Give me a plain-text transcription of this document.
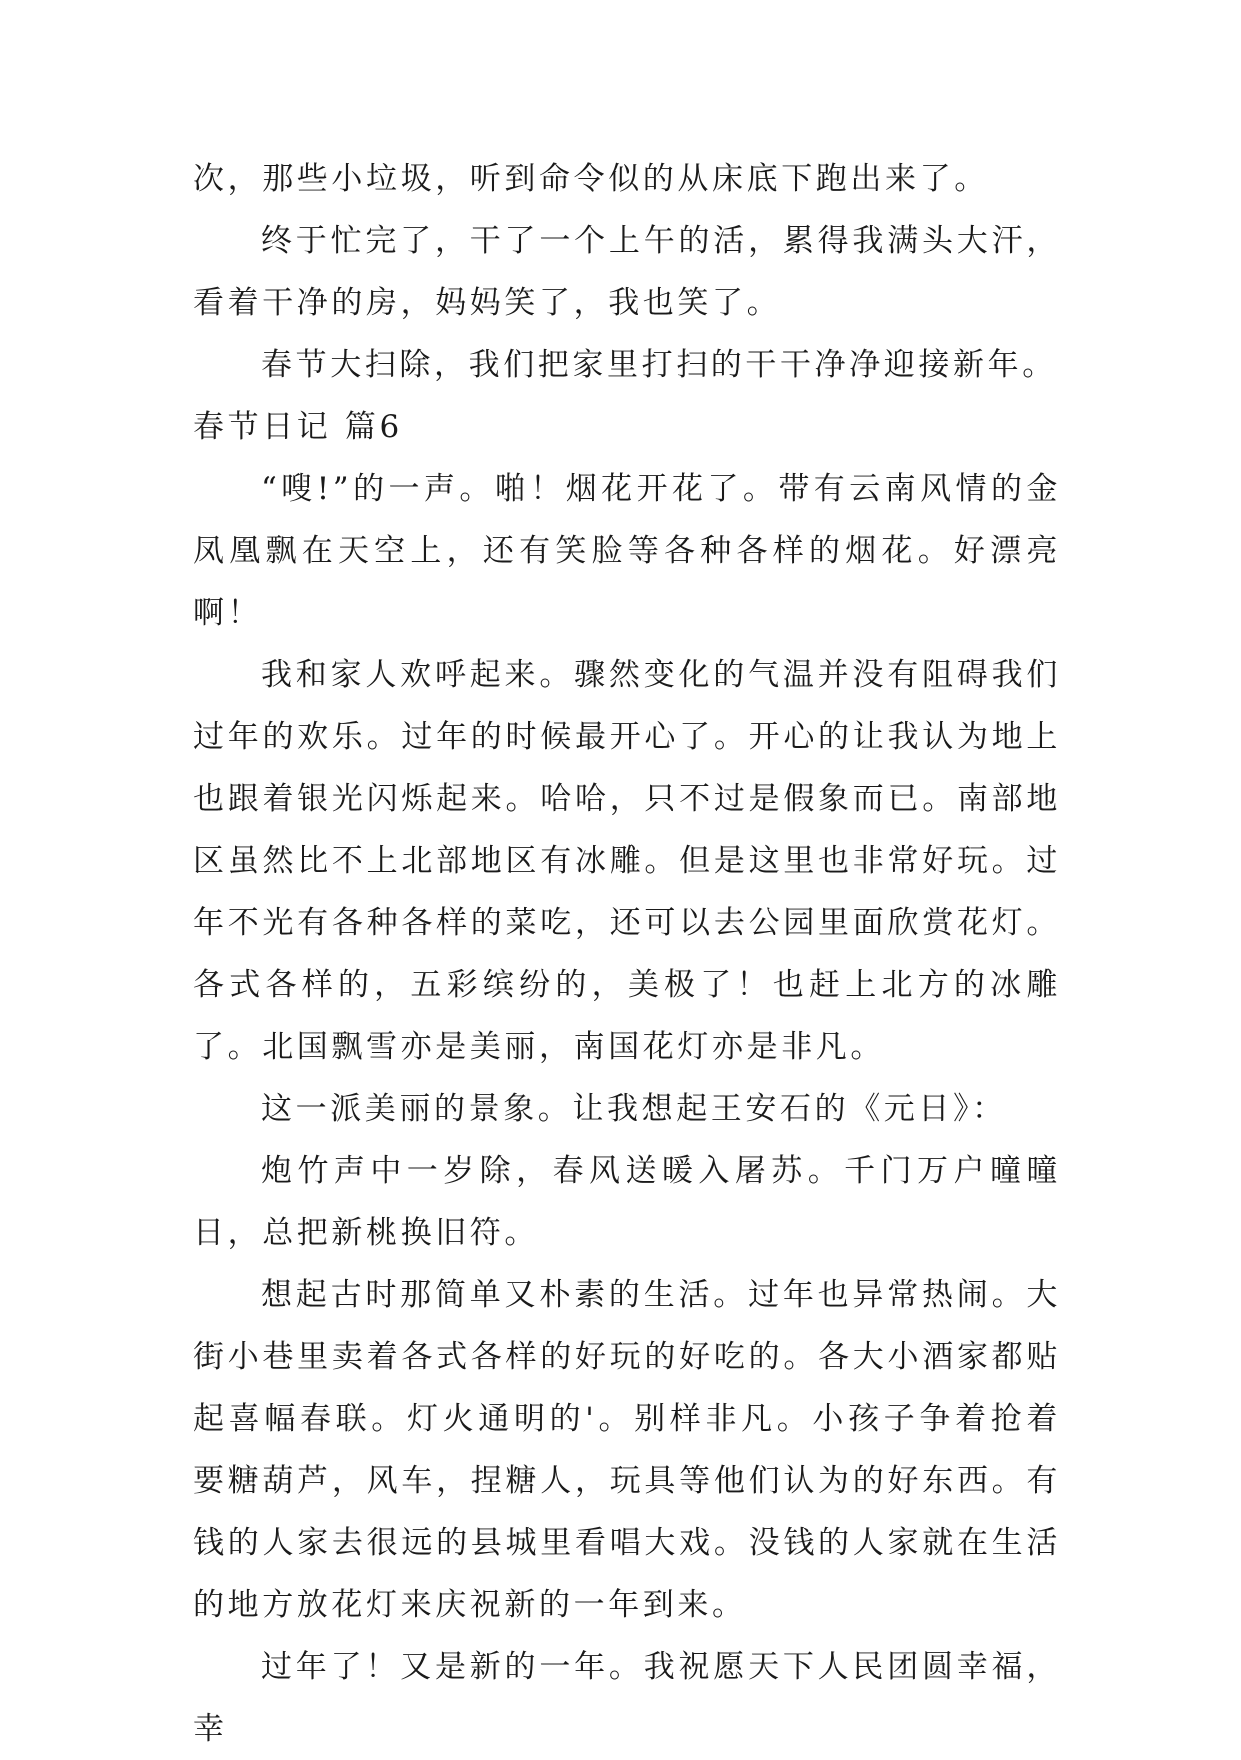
次，那些小垃圾，听到命令似的从床底下跑出来了。

终于忙完了，干了一个上午的活，累得我满头大汗，看着干净的房，妈妈笑了，我也笑了。

春节大扫除，我们把家里打扫的干干净净迎接新年。

春节日记 篇6

“嗖!”的一声。啪！烟花开花了。带有云南风情的金凤凰飘在天空上，还有笑脸等各种各样的烟花。好漂亮啊！

我和家人欢呼起来。骤然变化的气温并没有阻碍我们过年的欢乐。过年的时候最开心了。开心的让我认为地上也跟着银光闪烁起来。哈哈，只不过是假象而已。南部地区虽然比不上北部地区有冰雕。但是这里也非常好玩。过年不光有各种各样的菜吃，还可以去公园里面欣赏花灯。各式各样的，五彩缤纷的，美极了！也赶上北方的冰雕了。北国飘雪亦是美丽，南国花灯亦是非凡。

这一派美丽的景象。让我想起王安石的《元日》：

炮竹声中一岁除，春风送暖入屠苏。千门万户曈曈日，总把新桃换旧符。

想起古时那简单又朴素的生活。过年也异常热闹。大街小巷里卖着各式各样的好玩的好吃的。各大小酒家都贴起喜幅春联。灯火通明的'。别样非凡。小孩子争着抢着要糖葫芦，风车，捏糖人，玩具等他们认为的好东西。有钱的人家去很远的县城里看唱大戏。没钱的人家就在生活的地方放花灯来庆祝新的一年到来。

过年了！又是新的一年。我祝愿天下人民团圆幸福，幸
